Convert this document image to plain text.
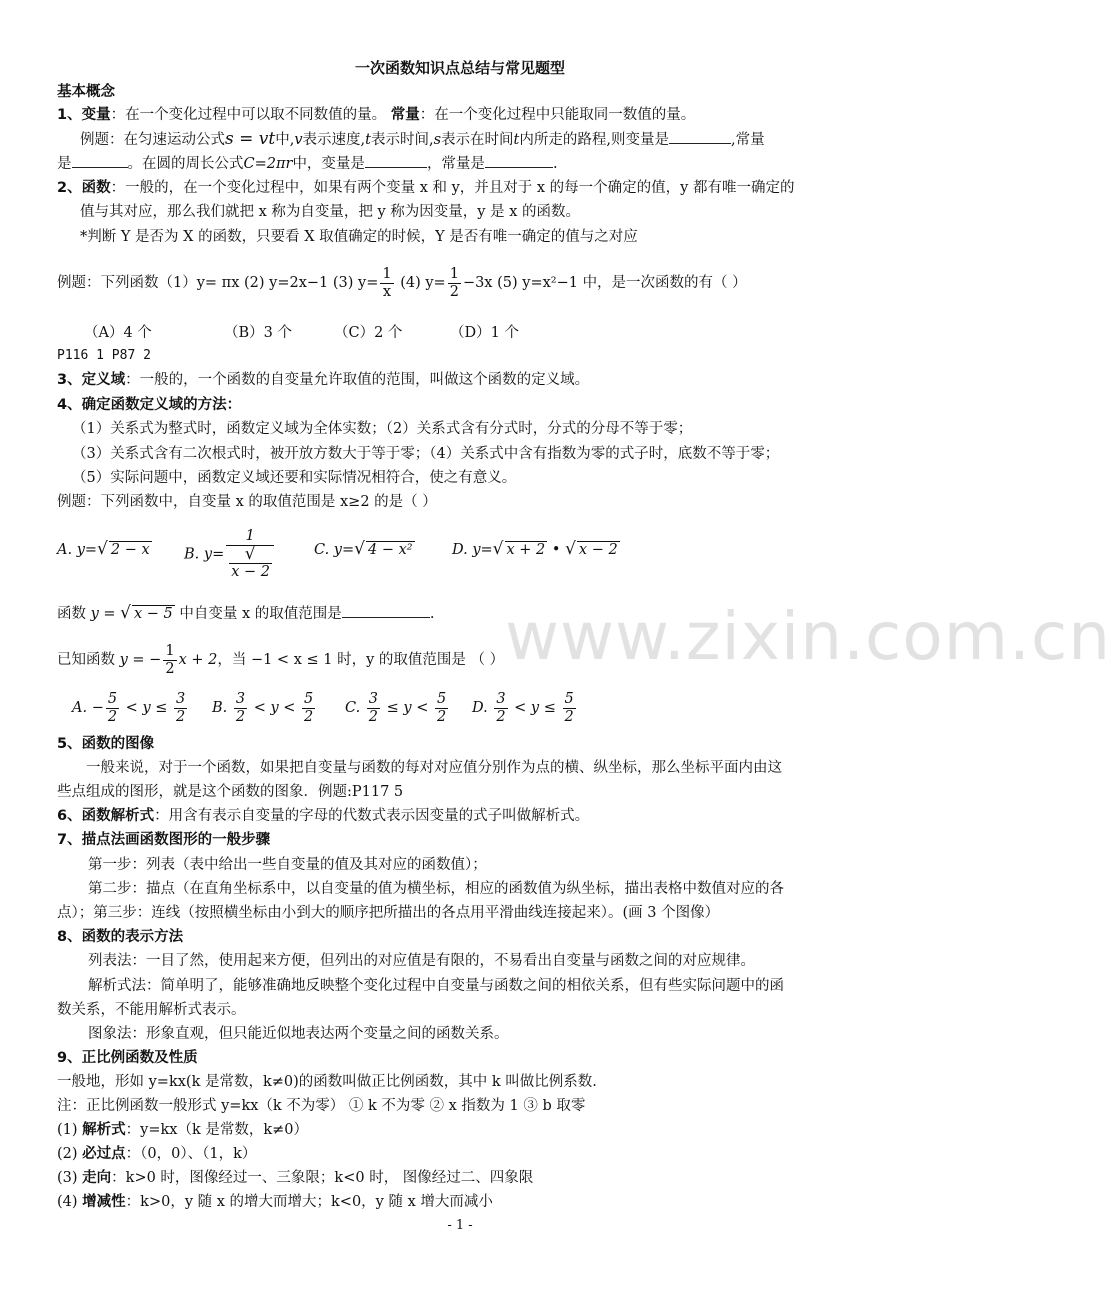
www.zixin.com.cn
一次函数知识点总结与常见题型
基本概念
1、变量：在一个变化过程中可以取不同数值的量。 常量：在一个变化过程中只能取同一数值的量。
例题：在匀速运动公式s = vt中,v表示速度,t表示时间,s表示在时间t内所走的路程,则变量是	,常量
是	。在圆的周长公式C=2πr中，变量是	，常量是	.
2、函数：一般的，在一个变化过程中，如果有两个变量 x 和 y，并且对于 x 的每一个确定的值，y 都有唯一确定的
值与其对应，那么我们就把 x 称为自变量，把 y 称为因变量，y 是 x 的函数。
*判断 Y 是否为 X 的函数，只要看 X 取值确定的时候，Y 是否有唯一确定的值与之对应
例题：下列函数（1）y= πx (2) y=2x−1 (3) $y= \frac{1}{x} (4)$ $y= \frac{1}{2} -3x$ (5) y=x²−1 中，是一次函数的有（ ）
（A）4 个	（B）3 个	（C）2 个	（D）1 个
P116 1 P87 2
3、定义域：一般的，一个函数的自变量允许取值的范围，叫做这个函数的定义域。
4、确定函数定义域的方法：
（1）关系式为整式时，函数定义域为全体实数；（2）关系式含有分式时，分式的分母不等于零；
（3）关系式含有二次根式时，被开放方数大于等于零；（4）关系式中含有指数为零的式子时，底数不等于零；
（5）实际问题中，函数定义域还要和实际情况相符合，使之有意义。
例题：下列函数中，自变量 x 的取值范围是 x≥2 的是（ ）
A. y=√ 2 − x B. y= 1
√
x − 2	C. y=√ 4 − x²	D. y=√ x + 2 • √ x − 2
函数 y = √ x − 5 中自变量 x 的取值范围是	.
已知函数 y = − $\frac{1}{2}$ x + 2，当 −1 < x ≤ 1 时，y 的取值范围是 （ ）
A. − $\frac{5}{2} < y \le \frac{3}{2} B$. $\frac{3}{2} < y < \frac{5}{2} C$. $\frac{3}{2} \le y < \frac{5}{2} D$. $\frac{3}{2} < y \le \frac{5}{2}$
5、函数的图像
一般来说，对于一个函数，如果把自变量与函数的每对对应值分别作为点的横、纵坐标，那么坐标平面内由这
些点组成的图形，就是这个函数的图象．例题:P117 5
6、函数解析式：用含有表示自变量的字母的代数式表示因变量的式子叫做解析式。
7、描点法画函数图形的一般步骤
第一步：列表（表中给出一些自变量的值及其对应的函数值）；
第二步：描点（在直角坐标系中，以自变量的值为横坐标，相应的函数值为纵坐标，描出表格中数值对应的各
点）；第三步：连线（按照横坐标由小到大的顺序把所描出的各点用平滑曲线连接起来）。(画 3 个图像）
8、函数的表示方法
列表法：一目了然，使用起来方便，但列出的对应值是有限的，不易看出自变量与函数之间的对应规律。
解析式法：简单明了，能够准确地反映整个变化过程中自变量与函数之间的相依关系，但有些实际问题中的函
数关系，不能用解析式表示。
图象法：形象直观，但只能近似地表达两个变量之间的函数关系。
9、正比例函数及性质
一般地，形如 y=kx(k 是常数，k≠0)的函数叫做正比例函数，其中 k 叫做比例系数.
注：正比例函数一般形式 y=kx（k 不为零） ① k 不为零 ② x 指数为 1 ③ b 取零
(1) 解析式：y=kx（k 是常数，k≠0）
(2) 必过点：（0，0）、（1，k）
(3) 走向：k>0 时，图像经过一、三象限；k<0 时， 图像经过二、四象限
(4) 增减性：k>0，y 随 x 的增大而增大；k<0，y 随 x 增大而减小
- 1 -
